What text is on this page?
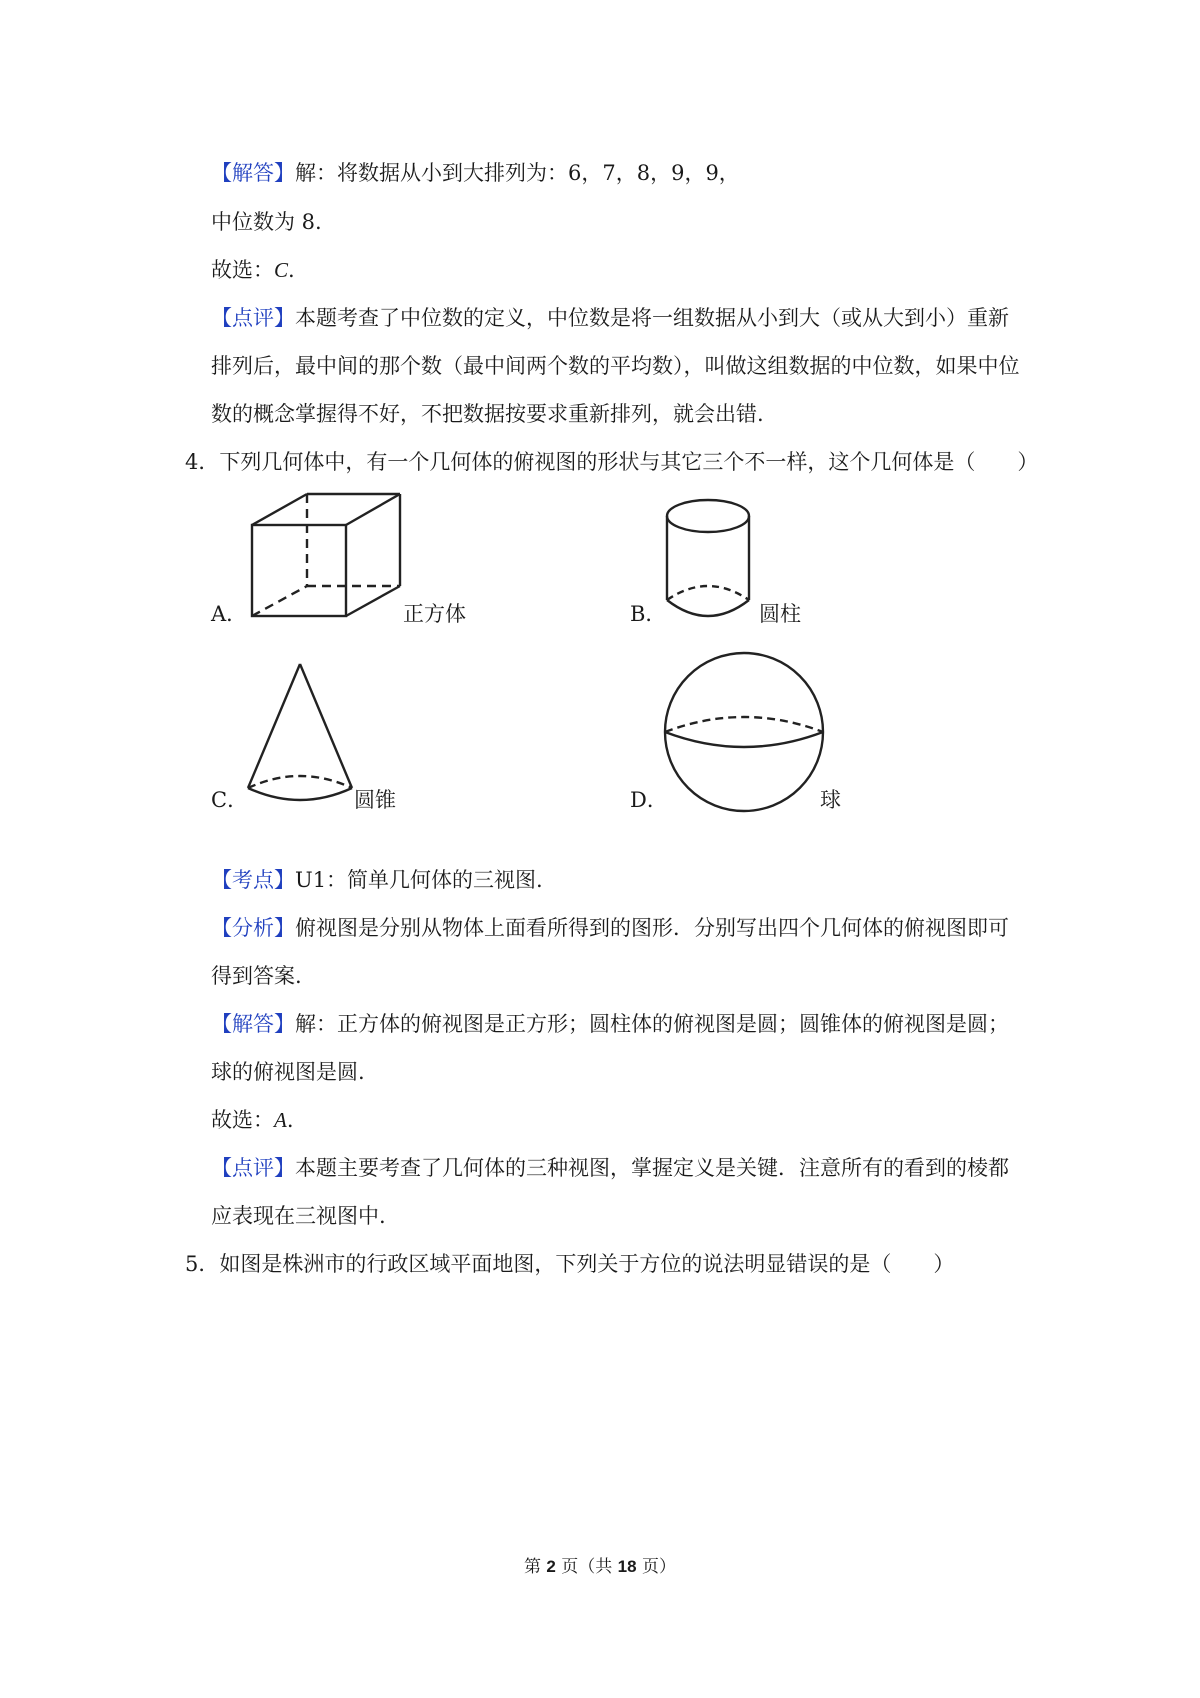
【解答】解：将数据从小到大排列为：6，7，8，9，9，
中位数为 8.
故选：C.
【点评】本题考查了中位数的定义，中位数是将一组数据从小到大（或从大到小）重新
排列后，最中间的那个数（最中间两个数的平均数），叫做这组数据的中位数，如果中位
数的概念掌握得不好，不把数据按要求重新排列，就会出错.
4．下列几何体中，有一个几何体的俯视图的形状与其它三个不一样，这个几何体是（　　）
A．	正方体	B．	圆柱
C．	圆锥	D．	球
【考点】U1：简单几何体的三视图.
【分析】俯视图是分别从物体上面看所得到的图形．分别写出四个几何体的俯视图即可
得到答案.
【解答】解：正方体的俯视图是正方形；圆柱体的俯视图是圆；圆锥体的俯视图是圆；
球的俯视图是圆.
故选：A.
【点评】本题主要考查了几何体的三种视图，掌握定义是关键．注意所有的看到的棱都
应表现在三视图中.
5．如图是株洲市的行政区域平面地图，下列关于方位的说法明显错误的是（　　）
第 2 页（共 18 页）
